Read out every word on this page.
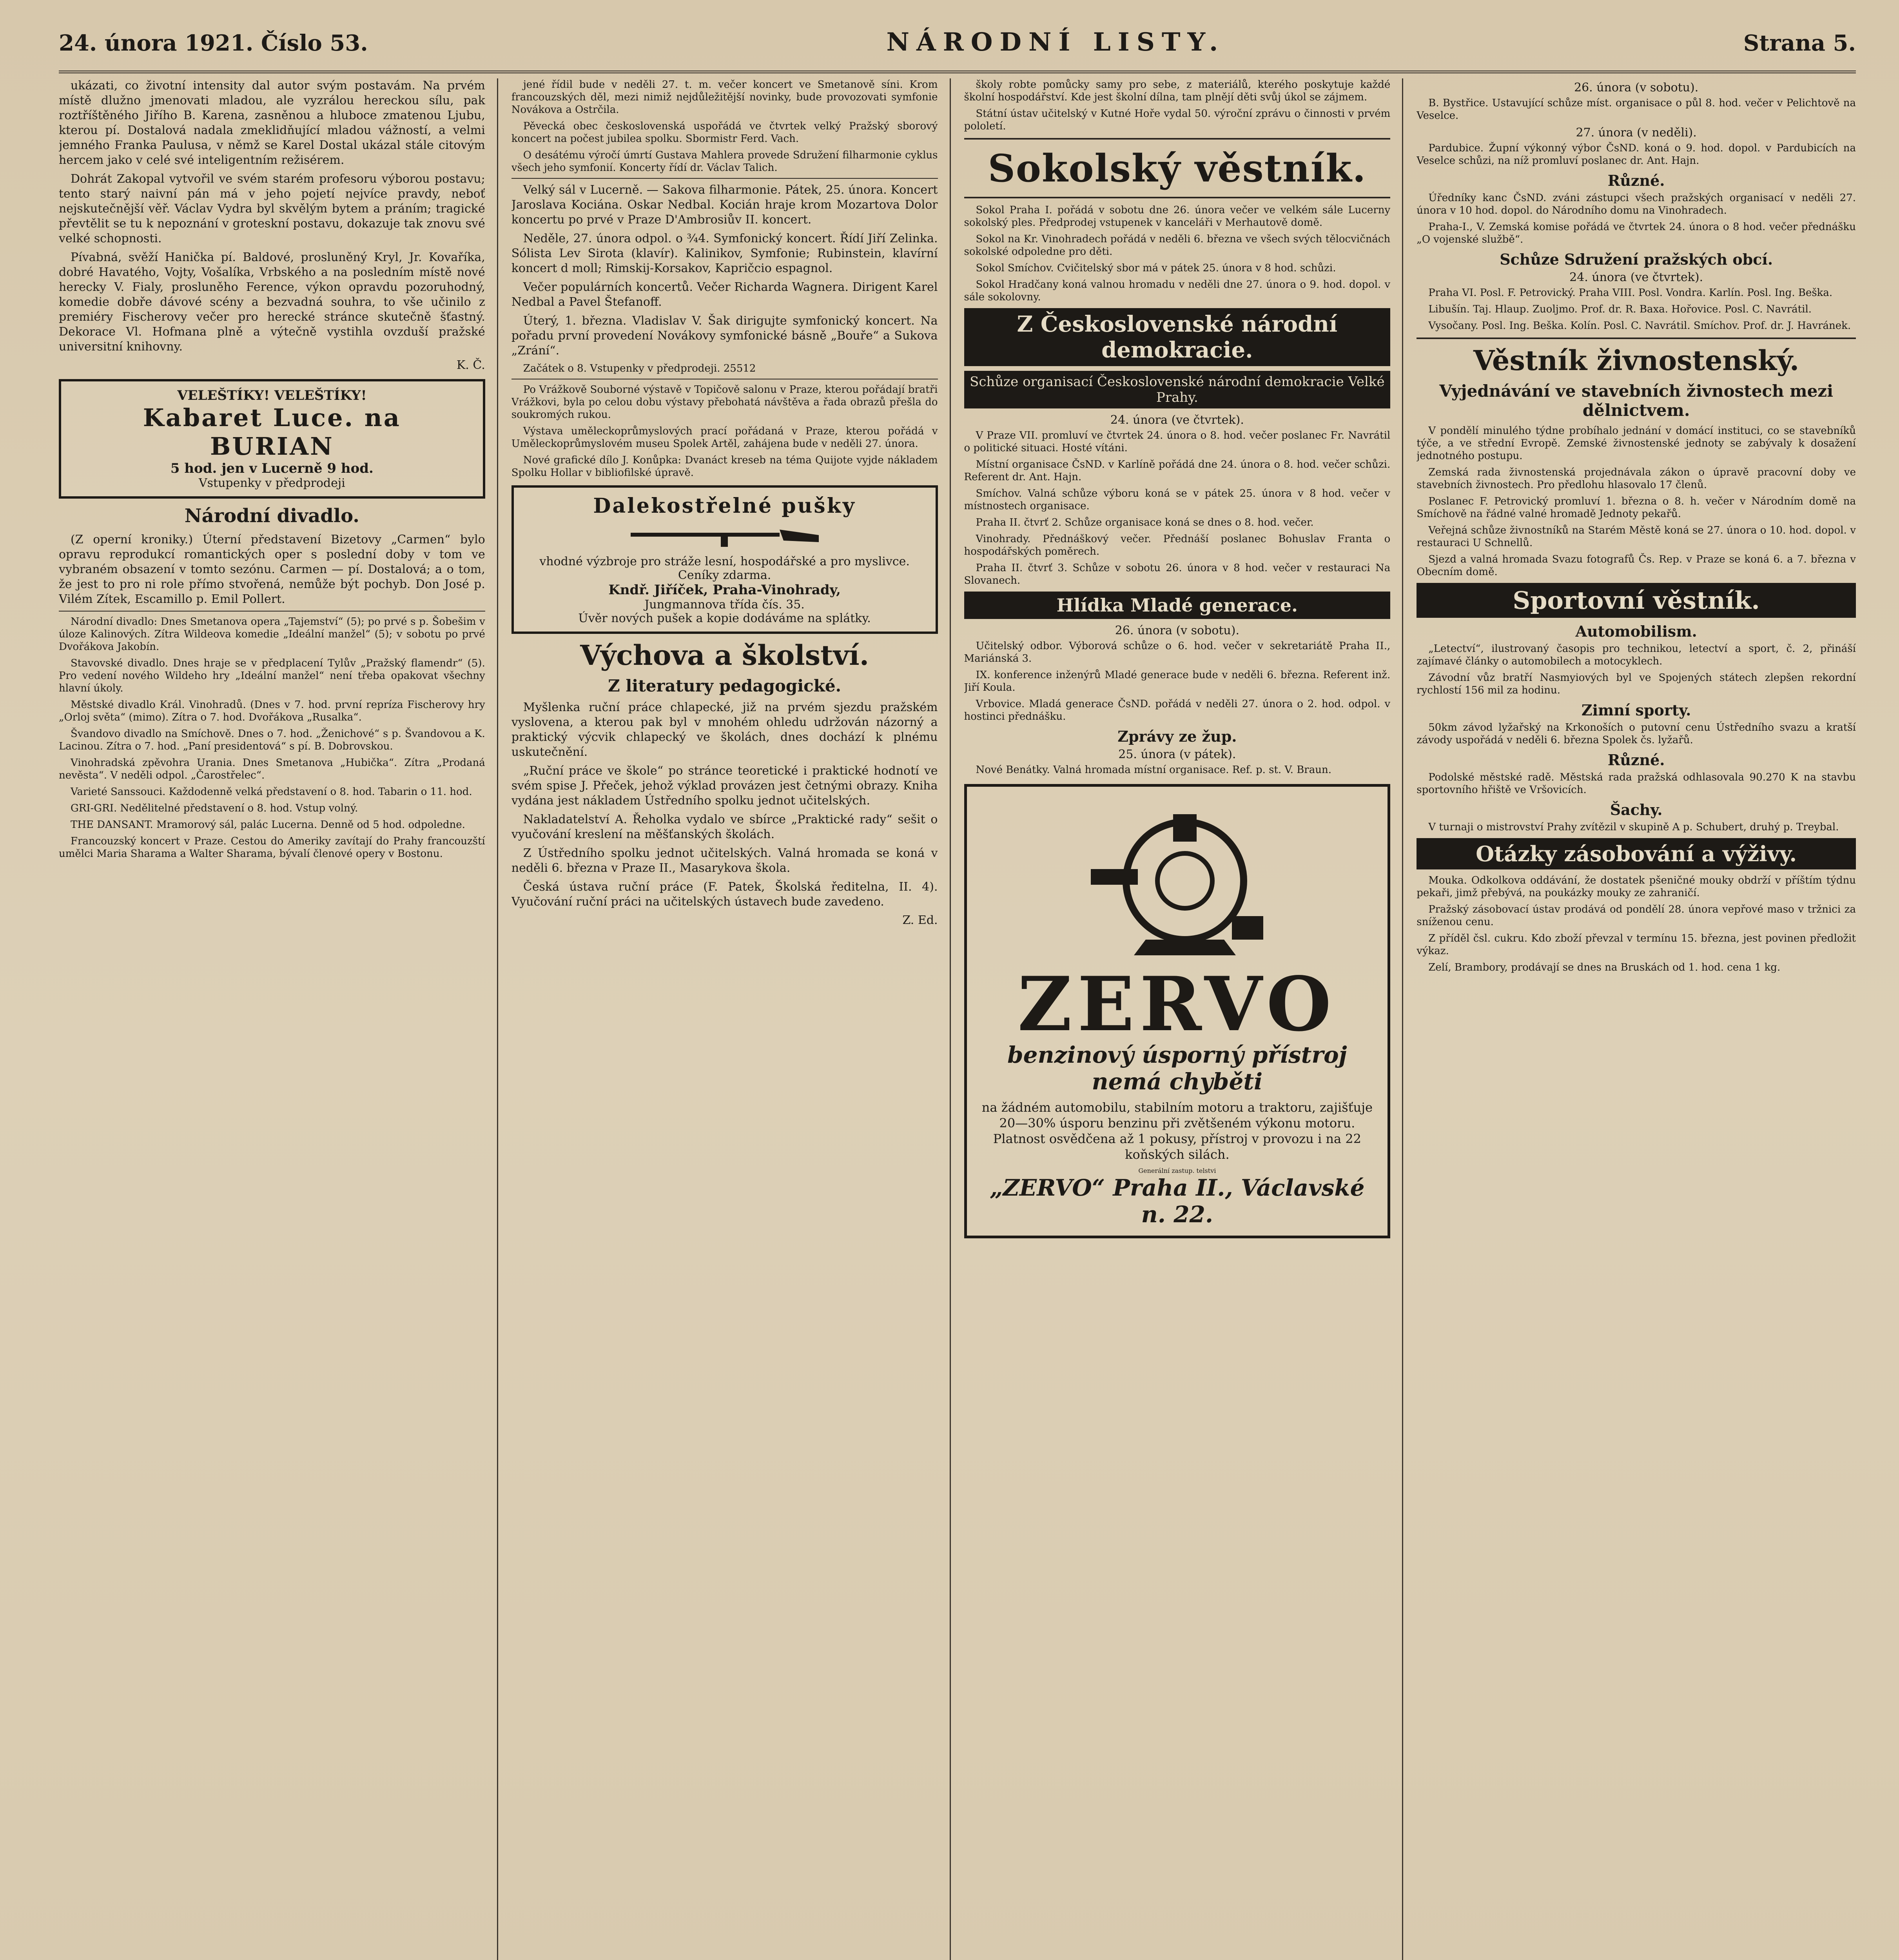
24. února 1921. Číslo 53.	NÁRODNÍ LISTY.	Strana 5.

ukázati, co životní intensity dal autor svým postavám. Na prvém místě dlužno jmenovati mladou, ale vyzrálou hereckou sílu, pak roztříštěného Jiřího B. Karena, zasněnou a hluboce zmatenou Ljubu, kterou pí. Dostalová nadala zmeklidňující mladou vážností, a velmi jemného Franka Paulusa, v němž se Karel Dostal ukázal stále citovým hercem jako v celé své inteligentním režisérem.

Dohrát Zakopal vytvořil ve svém starém profesoru výborou postavu; tento starý naivní pán má v jeho pojetí nejvíce pravdy, neboť nejskutečnější věř. Václav Vydra byl skvělým bytem a práním; tragické převtělit se tu k nepoznání v groteskní postavu, dokazuje tak znovu své velké schopnosti.

Pívabná, svěží Hanička pí. Baldové, prosluněný Kryl, Jr. Kovaříka, dobré Havatého, Vojty, Vošalíka, Vrbského a na posledním místě nové herecky V. Fialy, prosluněho Ference, výkon opravdu pozoruhodný, komedie dobře dávové scény a bezvadná souhra, to vše učinilo z premiéry Fischerovy večer pro herecké stránce skutečně šťastný. Dekorace Vl. Hofmana plně a výtečně vystihla ovzduší pražské universitní knihovny.

K. Č.
VELEŠTÍKY! VELEŠTÍKY!
Kabaret Luce. na
BURIAN
5 hod. jen v Lucerně 9 hod.
Vstupenky v předprodeji
Národní divadlo.

(Z operní kroniky.) Úterní představení Bizetovy „Carmen“ bylo opravu reprodukcí romantických oper s poslední doby v tom ve vybraném obsazení v tomto sezónu. Carmen — pí. Dostalová; a o tom, že jest to pro ni role přímo stvořená, nemůže být pochyb. Don José p. Vilém Zítek, Escamillo p. Emil Pollert.

Národní divadlo: Dnes Smetanova opera „Tajemství“ (5); po prvé s p. Šobešim v úloze Kalinových. Zítra Wildeova komedie „Ideální manžel“ (5); v sobotu po prvé Dvořákova Jakobín.

Stavovské divadlo. Dnes hraje se v předplacení Tylův „Pražský flamendr“ (5). Pro vedení nového Wildeho hry „Ideální manžel“ není třeba opakovat všechny hlavní úkoly.

Městské divadlo Král. Vinohradů. (Dnes v 7. hod. první repríza Fischerovy hry „Orloj světa“ (mimo). Zítra o 7. hod. Dvořákova „Rusalka“.

Švandovo divadlo na Smíchově. Dnes o 7. hod. „Ženichové“ s p. Švandovou a K. Lacinou. Zítra o 7. hod. „Paní presidentová“ s pí. B. Dobrovskou.

Vinohradská zpěvohra Urania. Dnes Smetanova „Hubička“. Zítra „Prodaná nevěsta“. V neděli odpol. „Čarostřelec“.

Varieté Sanssouci. Každodenně velká představení o 8. hod. Tabarin o 11. hod.

GRI-GRI. Nedělitelné představení o 8. hod. Vstup volný.

THE DANSANT. Mramorový sál, palác Lucerna. Denně od 5 hod. odpoledne.

Francouzský koncert v Praze. Cestou do Ameriky zavítají do Prahy francouzští umělci Maria Sharama a Walter Sharama, bývalí členové opery v Bostonu.

jené řídil bude v neděli 27. t. m. večer koncert ve Smetanově síni. Krom francouzských děl, mezi nimiž nejdůležitější novinky, bude provozovati symfonie Novákova a Ostrčila.

Pěvecká obec československá uspořádá ve čtvrtek velký Pražský sborový koncert na počest jubilea spolku. Sbormistr Ferd. Vach.

O desátému výročí úmrtí Gustava Mahlera provede Sdružení filharmonie cyklus všech jeho symfonií. Koncerty řídí dr. Václav Talich.

Velký sál v Lucerně. — Sakova filharmonie. Pátek, 25. února. Koncert Jaroslava Kociána. Oskar Nedbal. Kocián hraje krom Mozartova Dolor koncertu po prvé v Praze D'Ambrosiův II. koncert.

Neděle, 27. února odpol. o ¾4. Symfonický koncert. Řídí Jiří Zelinka. Sólista Lev Sirota (klavír). Kalinikov, Symfonie; Rubinstein, klavírní koncert d moll; Rimskij-Korsakov, Kapričcio espagnol.

Večer populárních koncertů. Večer Richarda Wagnera. Dirigent Karel Nedbal a Pavel Štefanoff.

Úterý, 1. března. Vladislav V. Šak dirigujte symfonický koncert. Na pořadu první provedení Novákovy symfonické básně „Bouře“ a Sukova „Zrání“.

Začátek o 8. Vstupenky v předprodeji. 25512

Po Vrážkově Souborné výstavě v Topičově salonu v Praze, kterou pořádají bratři Vrážkovi, byla po celou dobu výstavy přebohatá návštěva a řada obrazů přešla do soukromých rukou.

Výstava uměleckoprůmyslových prací pořádaná v Praze, kterou pořádá v Uměleckoprůmyslovém museu Spolek Artěl, zahájena bude v neděli 27. února.

Nové grafické dílo J. Konůpka: Dvanáct kreseb na téma Quijote vyjde nákladem Spolku Hollar v bibliofilské úpravě.

Dalekostřelné pušky
vhodné výzbroje pro stráže lesní, hospodářské a pro myslivce. Ceníky zdarma.
Kndř. Jiříček, Praha-Vinohrady,
Jungmannova třída čís. 35.
Úvěr nových pušek a kopie dodáváme na splátky.
Výchova a školství.
Z literatury pedagogické.

Myšlenka ruční práce chlapecké, již na prvém sjezdu pražském vyslovena, a kterou pak byl v mnohém ohledu udržován názorný a praktický výcvik chlapecký ve školách, dnes dochází k plnému uskutečnění.

„Ruční práce ve škole“ po stránce teoretické i praktické hodnotí ve svém spise J. Přeček, jehož výklad provázen jest četnými obrazy. Kniha vydána jest nákladem Ústředního spolku jednot učitelských.

Nakladatelství A. Řeholka vydalo ve sbírce „Praktické rady“ sešit o vyučování kreslení na měšťanských školách.

Z Ústředního spolku jednot učitelských. Valná hromada se koná v neděli 6. března v Praze II., Masarykova škola.

Česká ústava ruční práce (F. Patek, Školská ředitelna, II. 4). Vyučování ruční práci na učitelských ústavech bude zavedeno.

Z. Ed.

školy robte pomůcky samy pro sebe, z materiálů, kterého poskytuje každé školní hospodářství. Kde jest školní dílna, tam plnějí děti svůj úkol se zájmem.

Státní ústav učitelský v Kutné Hoře vydal 50. výroční zprávu o činnosti v prvém pololetí.

Sokolský věstník.

Sokol Praha I. pořádá v sobotu dne 26. února večer ve velkém sále Lucerny sokolský ples. Předprodej vstupenek v kanceláři v Merhautově domě.

Sokol na Kr. Vinohradech pořádá v neděli 6. března ve všech svých tělocvičnách sokolské odpoledne pro děti.

Sokol Smíchov. Cvičitelský sbor má v pátek 25. února v 8 hod. schůzi.

Sokol Hradčany koná valnou hromadu v neděli dne 27. února o 9. hod. dopol. v sále sokolovny.

Z Československé národní demokracie.
Schůze organisací Československé národní demokracie Velké Prahy.
24. února (ve čtvrtek).

V Praze VII. promluví ve čtvrtek 24. února o 8. hod. večer poslanec Fr. Navrátil o politické situaci. Hosté vítáni.

Místní organisace ČsND. v Karlíně pořádá dne 24. února o 8. hod. večer schůzi. Referent dr. Ant. Hajn.

Smíchov. Valná schůze výboru koná se v pátek 25. února v 8 hod. večer v místnostech organisace.

Praha II. čtvrť 2. Schůze organisace koná se dnes o 8. hod. večer.

Vinohrady. Přednáškový večer. Přednáší poslanec Bohuslav Franta o hospodářských poměrech.

Praha II. čtvrť 3. Schůze v sobotu 26. února v 8 hod. večer v restauraci Na Slovanech.

Hlídka Mladé generace.
26. února (v sobotu).

Učitelský odbor. Výborová schůze o 6. hod. večer v sekretariátě Praha II., Mariánská 3.

IX. konference inženýrů Mladé generace bude v neděli 6. března. Referent inž. Jiří Koula.

Vrbovice. Mladá generace ČsND. pořádá v neděli 27. února o 2. hod. odpol. v hostinci přednášku.

Zprávy ze žup.
25. února (v pátek).

Nové Benátky. Valná hromada místní organisace. Ref. p. st. V. Braun.

ZERVO
benzinový úsporný přístroj nemá chyběti
na žádném automobilu, stabilním motoru a traktoru, zajišťuje 20—30% úsporu benzinu při zvětšeném výkonu motoru. Platnost osvědčena až 1 pokusy, přístroj v provozu i na 22 koňských silách.
Generální zastup. telstvi
„ZERVO“ Praha II., Václavské n. 22.
26. února (v sobotu).

B. Bystřice. Ustavující schůze míst. organisace o půl 8. hod. večer v Pelichtově na Veselce.

27. února (v neděli).

Pardubice. Župní výkonný výbor ČsND. koná o 9. hod. dopol. v Pardubicích na Veselce schůzi, na níž promluví poslanec dr. Ant. Hajn.

Různé.

Úředníky kanc ČsND. zváni zástupci všech pražských organisací v neděli 27. února v 10 hod. dopol. do Národního domu na Vinohradech.

Praha-I., V. Zemská komise pořádá ve čtvrtek 24. února o 8 hod. večer přednášku „O vojenské službě“.

Schůze Sdružení pražských obcí.
24. února (ve čtvrtek).

Praha VI. Posl. F. Petrovický. Praha VIII. Posl. Vondra. Karlín. Posl. Ing. Beška.

Libušín. Taj. Hlaup. Zuoljmo. Prof. dr. R. Baxa. Hořovice. Posl. C. Navrátil.

Vysočany. Posl. Ing. Beška. Kolín. Posl. C. Navrátil. Smíchov. Prof. dr. J. Havránek.

Věstník živnostenský.
Vyjednávání ve stavebních živnostech mezi dělnictvem.

V pondělí minulého týdne probíhalo jednání v domácí instituci, co se stavebníků týče, a ve střední Evropě. Zemské živnostenské jednoty se zabývaly k dosažení jednotného postupu.

Zemská rada živnostenská projednávala zákon o úpravě pracovní doby ve stavebních živnostech. Pro předlohu hlasovalo 17 členů.

Poslanec F. Petrovický promluví 1. března o 8. h. večer v Národním domě na Smíchově na řádné valné hromadě Jednoty pekařů.

Veřejná schůze živnostníků na Starém Městě koná se 27. února o 10. hod. dopol. v restauraci U Schnellů.

Sjezd a valná hromada Svazu fotografů Čs. Rep. v Praze se koná 6. a 7. března v Obecním domě.

Sportovní věstník.
Automobilism.

„Letectví“, ilustrovaný časopis pro technikou, letectví a sport, č. 2, přináší zajímavé články o automobilech a motocyklech.

Závodní vůz bratří Nasmyiových byl ve Spojených státech zlepšen rekordní rychlostí 156 mil za hodinu.

Zimní sporty.

50km závod lyžařský na Krkonoších o putovní cenu Ústředního svazu a kratší závody uspořádá v neděli 6. března Spolek čs. lyžařů.

Různé.

Podolské městské radě. Městská rada pražská odhlasovala 90.270 K na stavbu sportovního hřiště ve Vršovicích.

Šachy.

V turnaji o mistrovství Prahy zvítězil v skupině A p. Schubert, druhý p. Treybal.

Otázky zásobování a výživy.

Mouka. Odkolkova oddávání, že dostatek pšeničné mouky obdrží v příštím týdnu pekaři, jimž přebývá, na poukázky mouky ze zahraničí.

Pražský zásobovací ústav prodává od pondělí 28. února vepřové maso v tržnici za sníženou cenu.

Z příděl čsl. cukru. Kdo zboží převzal v termínu 15. března, jest povinen předložit výkaz.

Zelí, Brambory, prodávají se dnes na Bruskách od 1. hod. cena 1 kg.
